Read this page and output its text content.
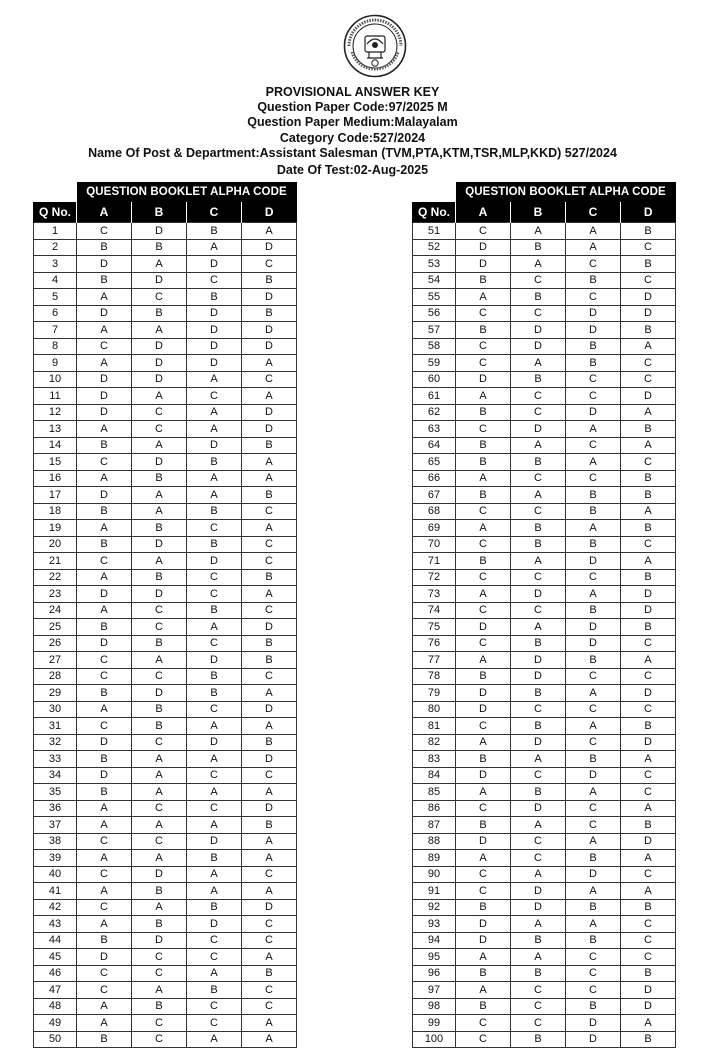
PROVISIONAL ANSWER KEY
Question Paper Code:97/2025 M
Question Paper Medium:Malayalam
Category Code:527/2024
Name Of Post & Department:Assistant Salesman (TVM,PTA,KTM,TSR,MLP,KKD) 527/2024
Date Of Test:02-Aug-2025
	QUESTION BOOKLET ALPHA CODE			
Q No.	A	B	C	D
1	C	D	B	A
2	B	B	A	D
3	D	A	D	C
4	B	D	C	B
5	A	C	B	D
6	D	B	D	B
7	A	A	D	D
8	C	D	D	D
9	A	D	D	A
10	D	D	A	C
11	D	A	C	A
12	D	C	A	D
13	A	C	A	D
14	B	A	D	B
15	C	D	B	A
16	A	B	A	A
17	D	A	A	B
18	B	A	B	C
19	A	B	C	A
20	B	D	B	C
21	C	A	D	C
22	A	B	C	B
23	D	D	C	A
24	A	C	B	C
25	B	C	A	D
26	D	B	C	B
27	C	A	D	B
28	C	C	B	C
29	B	D	B	A
30	A	B	C	D
31	C	B	A	A
32	D	C	D	B
33	B	A	A	D
34	D	A	C	C
35	B	A	A	A
36	A	C	C	D
37	A	A	A	B
38	C	C	D	A
39	A	A	B	A
40	C	D	A	C
41	A	B	A	A
42	C	A	B	D
43	A	B	D	C
44	B	D	C	C
45	D	C	C	A
46	C	C	A	B
47	C	A	B	C
48	A	B	C	C
49	A	C	C	A
50	B	C	A	A
	QUESTION BOOKLET ALPHA CODE			
Q No.	A	B	C	D
51	C	A	A	B
52	D	B	A	C
53	D	A	C	B
54	B	C	B	C
55	A	B	C	D
56	C	C	D	D
57	B	D	D	B
58	C	D	B	A
59	C	A	B	C
60	D	B	C	C
61	A	C	C	D
62	B	C	D	A
63	C	D	A	B
64	B	A	C	A
65	B	B	A	C
66	A	C	C	B
67	B	A	B	B
68	C	C	B	A
69	A	B	A	B
70	C	B	B	C
71	B	A	D	A
72	C	C	C	B
73	A	D	A	D
74	C	C	B	D
75	D	A	D	B
76	C	B	D	C
77	A	D	B	A
78	B	D	C	C
79	D	B	A	D
80	D	C	C	C
81	C	B	A	B
82	A	D	C	D
83	B	A	B	A
84	D	C	D	C
85	A	B	A	C
86	C	D	C	A
87	B	A	C	B
88	D	C	A	D
89	A	C	B	A
90	C	A	D	C
91	C	D	A	A
92	B	D	B	B
93	D	A	A	C
94	D	B	B	C
95	A	A	C	C
96	B	B	C	B
97	A	C	C	D
98	B	C	B	D
99	C	C	D	A
100	C	B	D	B
